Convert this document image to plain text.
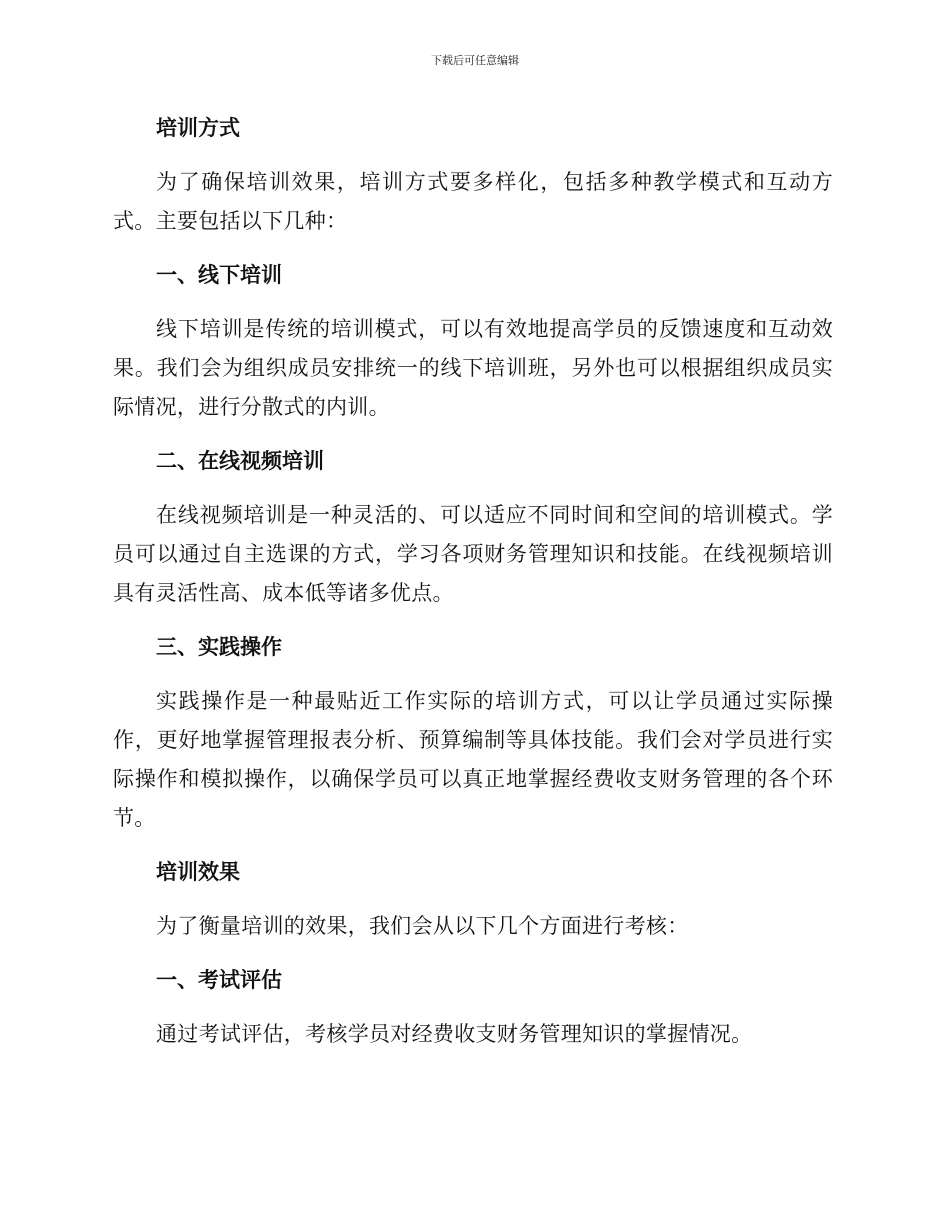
下载后可任意编辑
培训方式
为了确保培训效果，培训方式要多样化，包括多种教学模式和互动方式。主要包括以下几种：
一、线下培训
线下培训是传统的培训模式，可以有效地提高学员的反馈速度和互动效果。我们会为组织成员安排统一的线下培训班，另外也可以根据组织成员实际情况，进行分散式的内训。
二、在线视频培训
在线视频培训是一种灵活的、可以适应不同时间和空间的培训模式。学员可以通过自主选课的方式，学习各项财务管理知识和技能。在线视频培训具有灵活性高、成本低等诸多优点。
三、实践操作
实践操作是一种最贴近工作实际的培训方式，可以让学员通过实际操作，更好地掌握管理报表分析、预算编制等具体技能。我们会对学员进行实际操作和模拟操作，以确保学员可以真正地掌握经费收支财务管理的各个环节。
培训效果
为了衡量培训的效果，我们会从以下几个方面进行考核：
一、考试评估
通过考试评估，考核学员对经费收支财务管理知识的掌握情况。
